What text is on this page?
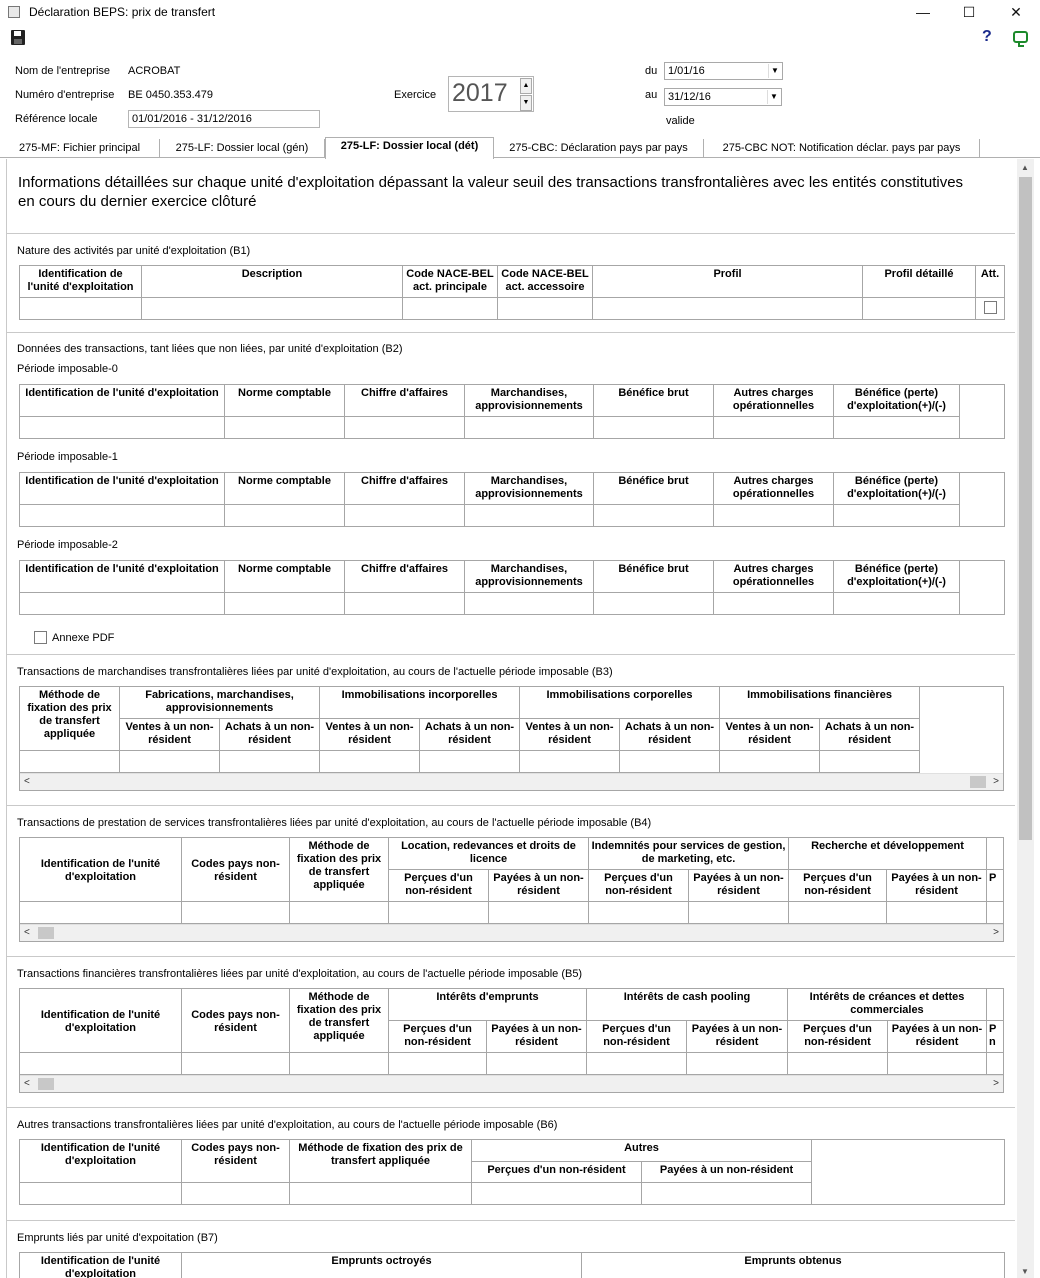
Déclaration BEPS: prix de transfert	—	☐	✕
?
Nom de l'entreprise ACROBAT
Numéro d'entreprise BE 0450.353.479
Référence locale	01/01/2016 - 31/12/2016
Exercice 2017	▲
▼
du 1/01/16	▼
au 31/12/16	▼
valide
275-MF: Fichier principal	275-LF: Dossier local (gén)	275-LF: Dossier local (dét)	275-CBC: Déclaration pays par pays	275-CBC NOT: Notification déclar. pays par pays
Informations détaillées sur chaque unité d'exploitation dépassant la valeur seuil des transactions transfrontalières avec les entités constitutives en cours du dernier exercice clôturé
Nature des activités par unité d'exploitation (B1)
Identification de l'unité d'exploitation	Description	Code NACE-BEL act. principale	Code NACE-BEL act. accessoire	Profil	Profil détaillé	Att.

Données des transactions, tant liées que non liées, par unité d'exploitation (B2)
Période imposable-0
Identification de l'unité d'exploitation	Norme comptable	Chiffre d'affaires	Marchandises, approvisionnements	Bénéfice brut	Autres charges opérationnelles	Bénéfice (perte) d'exploitation(+)/(-)	

Période imposable-1
Identification de l'unité d'exploitation	Norme comptable	Chiffre d'affaires	Marchandises, approvisionnements	Bénéfice brut	Autres charges opérationnelles	Bénéfice (perte) d'exploitation(+)/(-)	

Période imposable-2
Identification de l'unité d'exploitation	Norme comptable	Chiffre d'affaires	Marchandises, approvisionnements	Bénéfice brut	Autres charges opérationnelles	Bénéfice (perte) d'exploitation(+)/(-)	

Annexe PDF
Transactions de marchandises transfrontalières liées par unité d'exploitation, au cours de l'actuelle période imposable (B3)
Méthode de fixation des prix de transfert appliquée	Fabrications, marchandises, approvisionnements		Immobilisations incorporelles		Immobilisations corporelles		Immobilisations financières	
	Ventes à un non-résident	Achats à un non-résident	Ventes à un non-résident	Achats à un non-résident	Ventes à un non-résident	Achats à un non-résident	Ventes à un non-résident	Achats à un non-résident

<	>
Transactions de prestation de services transfrontalières liées par unité d'exploitation, au cours de l'actuelle période imposable (B4)
Identification de l'unité d'exploitation	Codes pays non-résident	Méthode de fixation des prix de transfert appliquée	Location, redevances et droits de licence		Indemnités pour services de gestion, de marketing, etc.		Recherche et développement		
			Perçues d'un non-résident	Payées à un non-résident	Perçues d'un non-résident	Payées à un non-résident	Perçues d'un non-résident	Payées à un non-résident	P

<	>
Transactions financières transfrontalières liées par unité d'exploitation, au cours de l'actuelle période imposable (B5)
Identification de l'unité d'exploitation	Codes pays non-résident	Méthode de fixation des prix de transfert appliquée	Intérêts d'emprunts		Intérêts de cash pooling		Intérêts de créances et dettes commerciales		
			Perçues d'un non-résident	Payées à un non-résident	Perçues d'un non-résident	Payées à un non-résident	Perçues d'un non-résident	Payées à un non-résident	P
n

<	>
Autres transactions transfrontalières liées par unité d'exploitation, au cours de l'actuelle période imposable (B6)
Identification de l'unité d'exploitation	Codes pays non-résident	Méthode de fixation des prix de transfert appliquée	Autres		
			Perçues d'un non-résident	Payées à un non-résident	

Emprunts liés par unité d'expoitation (B7)
Identification de l'unité d'exploitation	Emprunts octroyés	Emprunts obtenus
▲
▼
